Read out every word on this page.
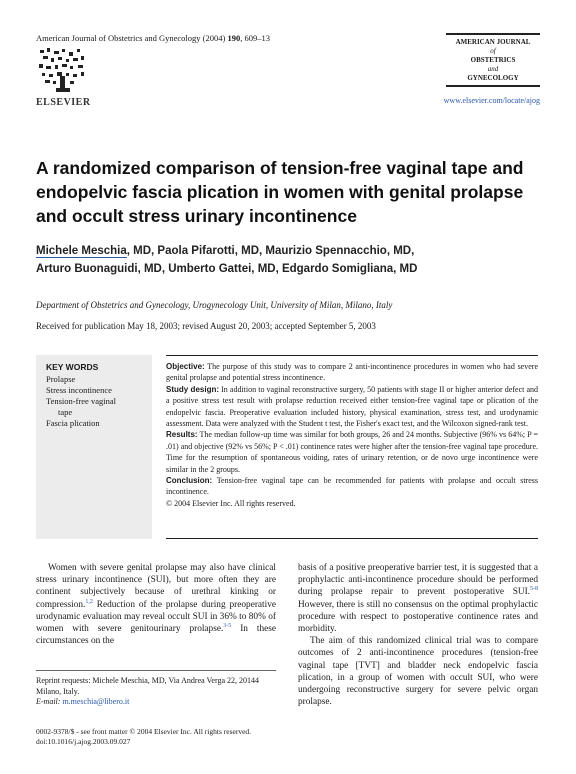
American Journal of Obstetrics and Gynecology (2004) 190, 609–13
ELSEVIER
AMERICAN JOURNAL
of
OBSTETRICS
and
GYNECOLOGY
www.elsevier.com/locate/ajog
A randomized comparison of tension-free vaginal tape and endopelvic fascia plication in women with genital prolapse and occult stress urinary incontinence
Michele Meschia, MD, Paola Pifarotti, MD, Maurizio Spennacchio, MD,
Arturo Buonaguidi, MD, Umberto Gattei, MD, Edgardo Somigliana, MD
Department of Obstetrics and Gynecology, Urogynecology Unit, University of Milan, Milano, Italy
Received for publication May 18, 2003; revised August 20, 2003; accepted September 5, 2003
KEY WORDS

Prolapse

Stress incontinence

Tension-free vaginal

tape

Fascia plication

Objective: The purpose of this study was to compare 2 anti-incontinence procedures in women who had severe genital prolapse and potential stress incontinence.

Study design: In addition to vaginal reconstructive surgery, 50 patients with stage II or higher anterior defect and a positive stress test result with prolapse reduction received either tension-free vaginal tape or plication of the endopelvic fascia. Preoperative evaluation included history, physical examination, stress test, and urodynamic assessment. Data were analyzed with the Student t test, the Fisher's exact test, and the Wilcoxon signed-rank test.

Results: The median follow-up time was similar for both groups, 26 and 24 months. Subjective (96% vs 64%; P = .01) and objective (92% vs 56%; P < .01) continence rates were higher after the tension-free vaginal tape procedure. Time for the resumption of spontaneous voiding, rates of urinary retention, or de novo urge incontinence were similar in the 2 groups.

Conclusion: Tension-free vaginal tape can be recommended for patients with prolapse and occult stress incontinence.

© 2004 Elsevier Inc. All rights reserved.

Women with severe genital prolapse may also have clinical stress urinary incontinence (SUI), but more often they are continent subjectively because of urethral kinking or compression.$^{1,2}$ Reduction of the prolapse during preoperative urodynamic evaluation may reveal occult SUI in 36% to 80% of women with severe genitourinary prolapse.$^{3-5}$ In these circumstances on the

basis of a positive preoperative barrier test, it is suggested that a prophylactic anti-incontinence procedure should be performed during prolapse repair to prevent postoperative SUI.$^{5-8}$ However, there is still no consensus on the optimal prophylactic procedure with respect to postoperative continence rates and morbidity.

The aim of this randomized clinical trial was to compare outcomes of 2 anti-incontinence procedures (tension-free vaginal tape [TVT] and bladder neck endopelvic fascia plication, in a group of women with occult SUI, who were undergoing reconstructive surgery for severe pelvic organ prolapse.

Reprint requests: Michele Meschia, MD, Via Andrea Verga 22, 20144 Milano, Italy.
E-mail: m.meschia@libero.it
0002-9378/$ - see front matter © 2004 Elsevier Inc. All rights reserved.
doi:10.1016/j.ajog.2003.09.027
